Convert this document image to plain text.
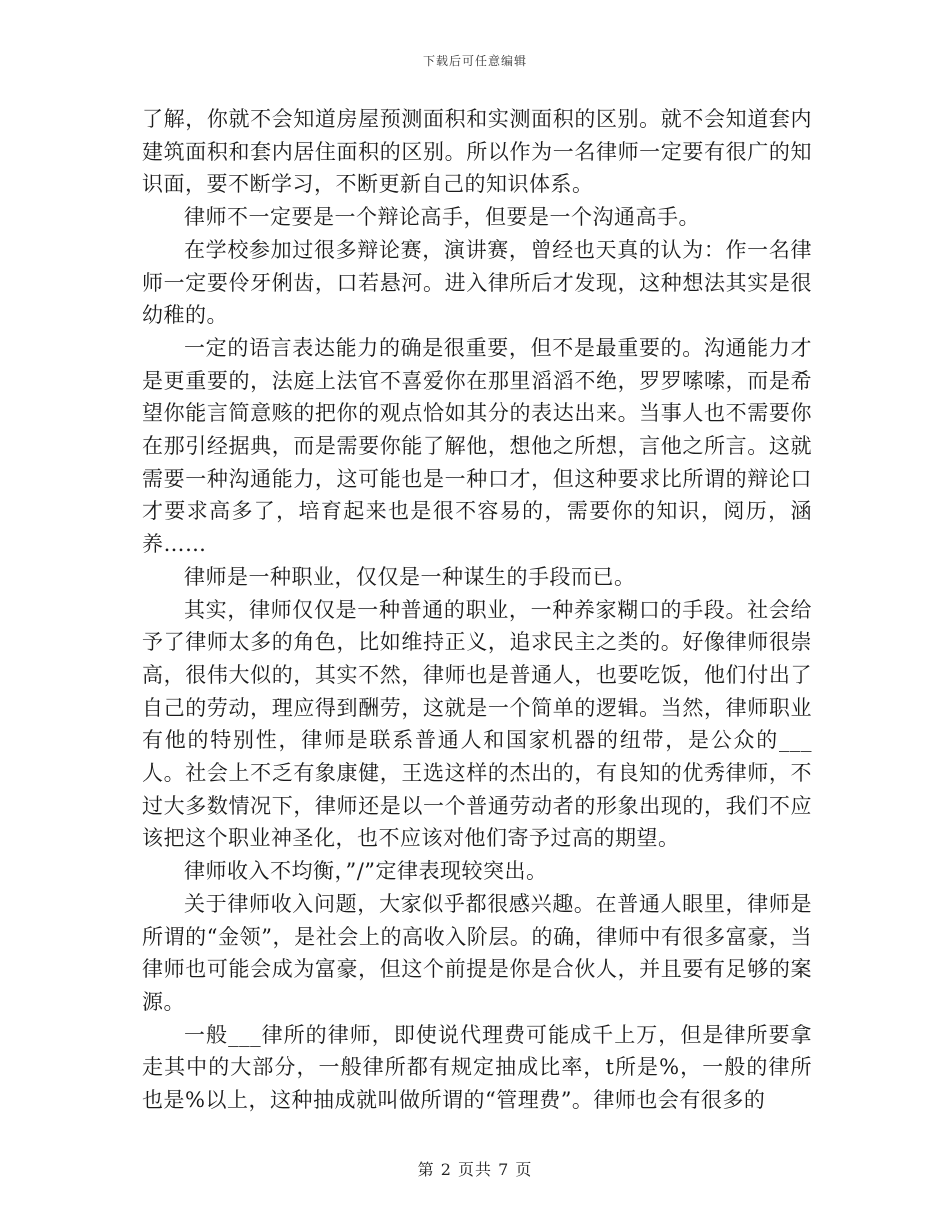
下载后可任意编辑

了解，你就不会知道房屋预测面积和实测面积的区别。就不会知道套内建筑面积和套内居住面积的区别。所以作为一名律师一定要有很广的知识面，要不断学习，不断更新自己的知识体系。

律师不一定要是一个辩论高手，但要是一个沟通高手。

在学校参加过很多辩论赛，演讲赛，曾经也天真的认为：作一名律师一定要伶牙俐齿，口若悬河。进入律所后才发现，这种想法其实是很幼稚的。

一定的语言表达能力的确是很重要，但不是最重要的。沟通能力才是更重要的，法庭上法官不喜爱你在那里滔滔不绝，罗罗嗦嗦，而是希望你能言简意赅的把你的观点恰如其分的表达出来。当事人也不需要你在那引经据典，而是需要你能了解他，想他之所想，言他之所言。这就需要一种沟通能力，这可能也是一种口才，但这种要求比所谓的辩论口才要求高多了，培育起来也是很不容易的，需要你的知识，阅历，涵养……

律师是一种职业，仅仅是一种谋生的手段而已。

其实，律师仅仅是一种普通的职业，一种养家糊口的手段。社会给予了律师太多的角色，比如维持正义，追求民主之类的。好像律师很崇高，很伟大似的，其实不然，律师也是普通人，也要吃饭，他们付出了自己的劳动，理应得到酬劳，这就是一个简单的逻辑。当然，律师职业有他的特别性，律师是联系普通人和国家机器的纽带，是公众的___人。社会上不乏有象康健，王选这样的杰出的，有良知的优秀律师，不过大多数情况下，律师还是以一个普通劳动者的形象出现的，我们不应该把这个职业神圣化，也不应该对他们寄予过高的期望。

律师收入不均衡，”/”定律表现较突出。

关于律师收入问题，大家似乎都很感兴趣。在普通人眼里，律师是所谓的“金领”，是社会上的高收入阶层。的确，律师中有很多富豪，当律师也可能会成为富豪，但这个前提是你是合伙人，并且要有足够的案源。

一般___律所的律师，即使说代理费可能成千上万，但是律所要拿走其中的大部分，一般律所都有规定抽成比率，t所是%，一般的律所也是%以上，这种抽成就叫做所谓的“管理费”。律师也会有很多的

第 2 页共 7 页
